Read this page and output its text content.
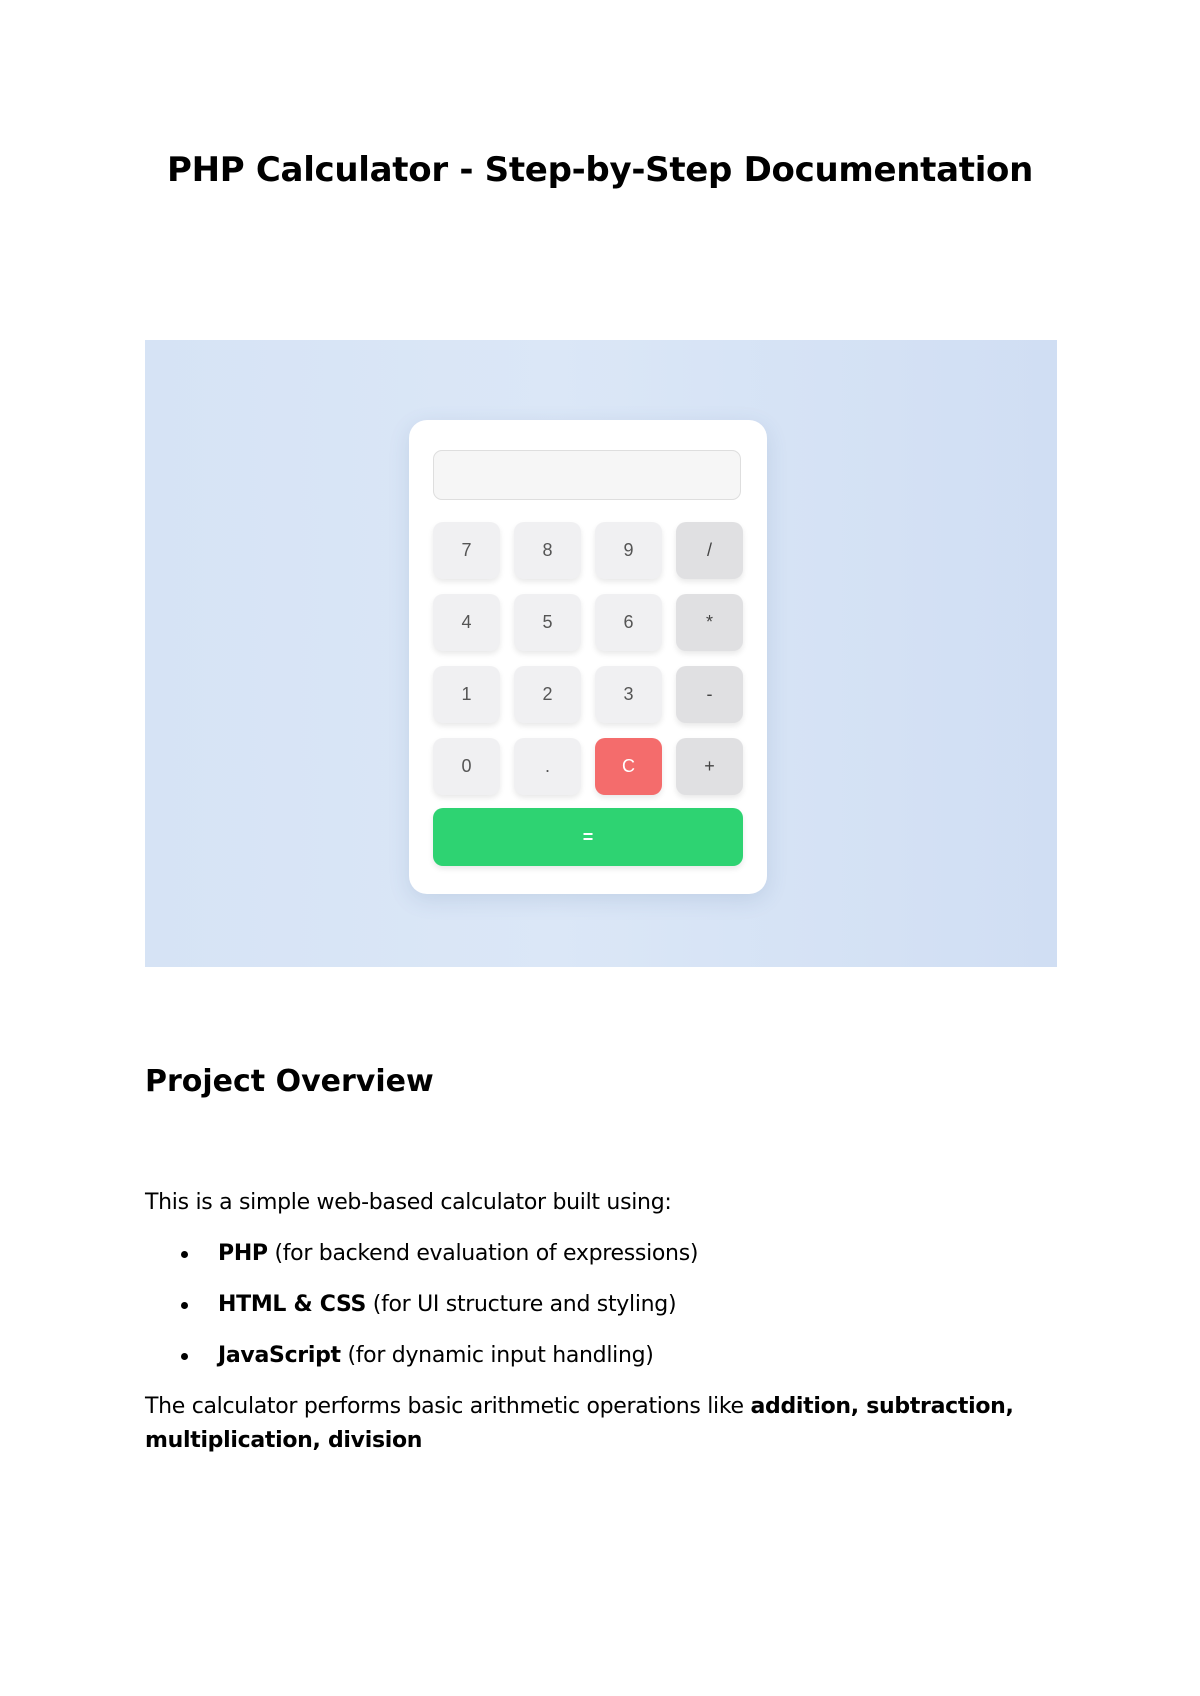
PHP Calculator - Step-by-Step Documentation
7	8	9	/
4	5	6	*
1	2	3	-
0	.	C	+
=
Project Overview

This is a simple web-based calculator built using:

PHP (for backend evaluation of expressions)
HTML & CSS (for UI structure and styling)
JavaScript (for dynamic input handling)

The calculator performs basic arithmetic operations like addition, subtraction, multiplication, division
